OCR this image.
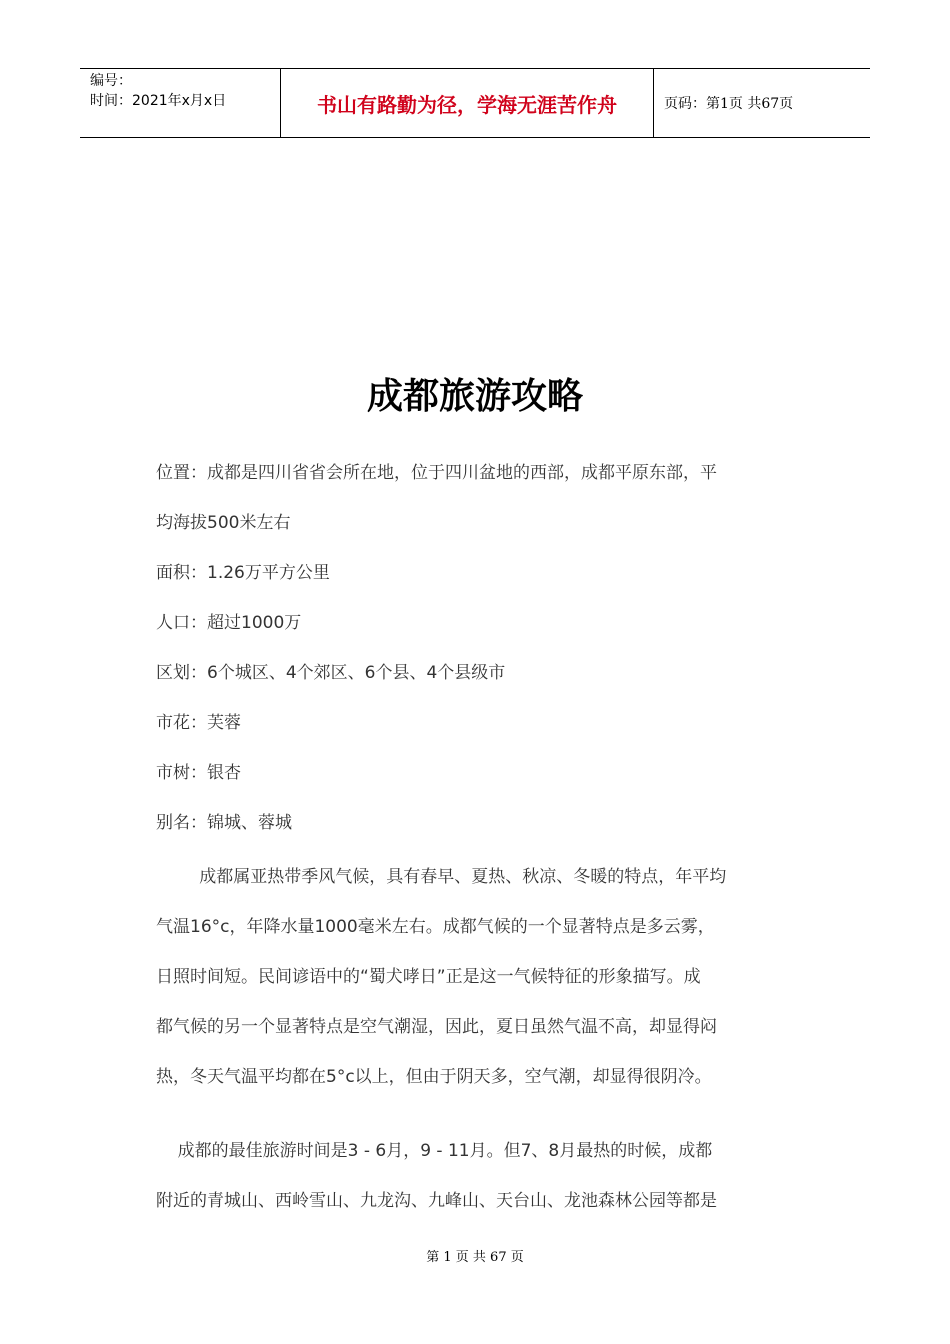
编号：
时间：2021年x月x日	书山有路勤为径，学海无涯苦作舟	页码：第1页 共67页
成都旅游攻略
位置：成都是四川省省会所在地，位于四川盆地的西部，成都平原东部，平
均海拔500米左右
面积：1.26万平方公里
人口：超过1000万
区划：6个城区、4个郊区、6个县、4个县级市
市花：芙蓉
市树：银杏
别名：锦城、蓉城
成都属亚热带季风气候，具有春早、夏热、秋凉、冬暖的特点，年平均
气温16°c，年降水量1000毫米左右。成都气候的一个显著特点是多云雾，
日照时间短。民间谚语中的“蜀犬哮日”正是这一气候特征的形象描写。成
都气候的另一个显著特点是空气潮湿，因此，夏日虽然气温不高，却显得闷
热，冬天气温平均都在5°c以上，但由于阴天多，空气潮，却显得很阴冷。
成都的最佳旅游时间是3 - 6月，9 - 11月。但7、8月最热的时候，成都
附近的青城山、西岭雪山、九龙沟、九峰山、天台山、龙池森林公园等都是
第 1 页 共 67 页
